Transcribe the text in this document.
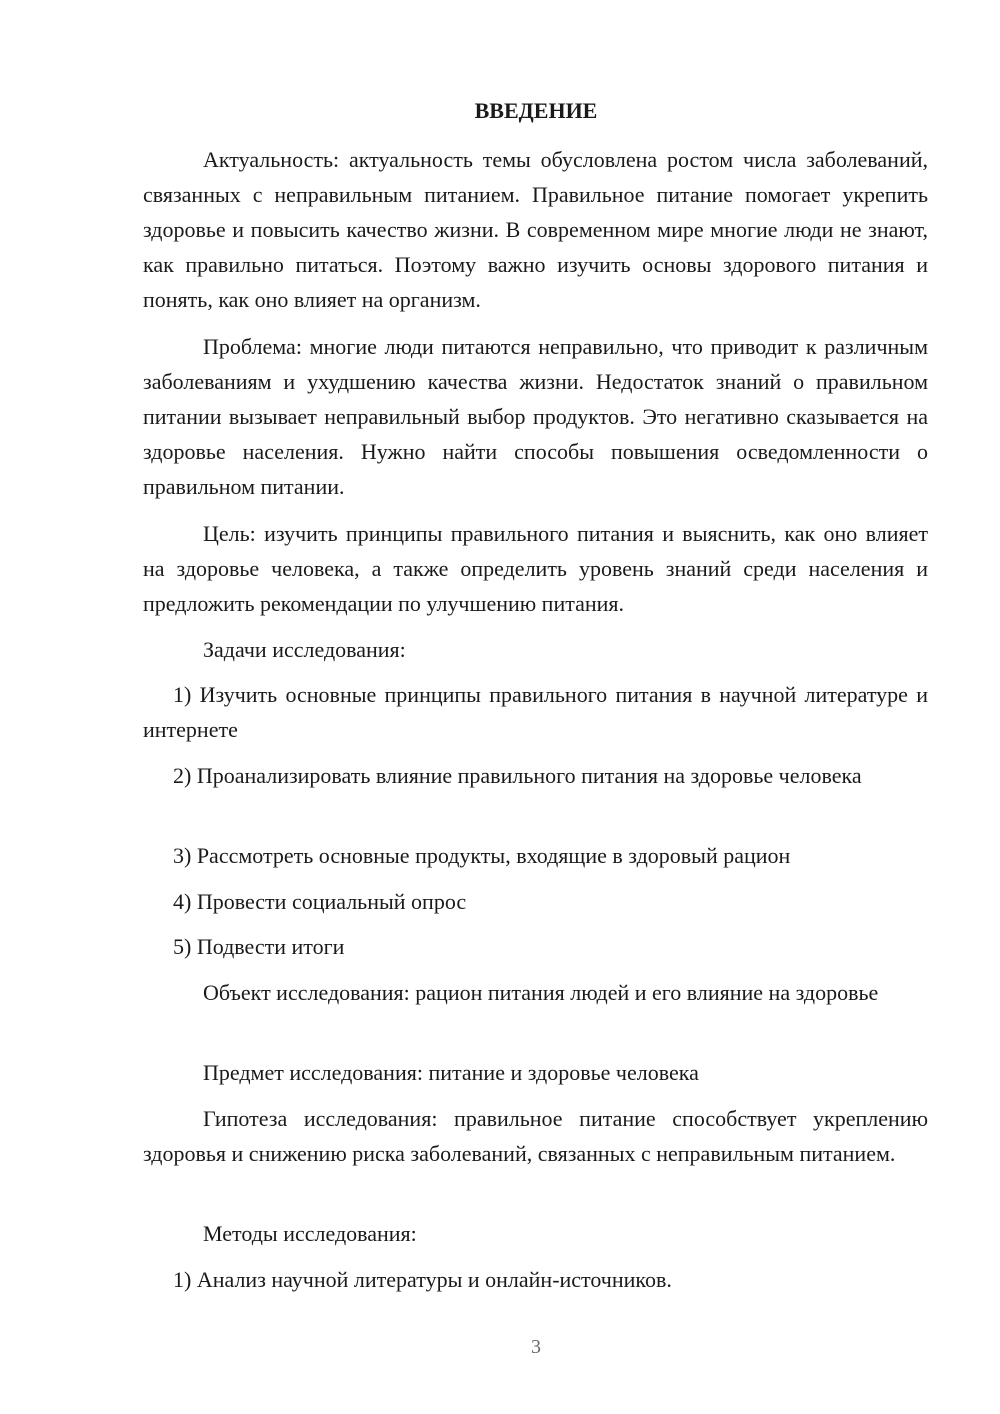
ВВЕДЕНИЕ
Актуальность: актуальность темы обусловлена ростом числа заболеваний, связанных с неправильным питанием. Правильное питание помогает укрепить здоровье и повысить качество жизни. В современном мире многие люди не знают, как правильно питаться. Поэтому важно изучить основы здорового питания и понять, как оно влияет на организм.
Проблема: многие люди питаются неправильно, что приводит к различным заболеваниям и ухудшению качества жизни. Недостаток знаний о правильном питании вызывает неправильный выбор продуктов. Это негативно сказывается на здоровье населения. Нужно найти способы повышения осведомленности о правильном питании.
Цель: изучить принципы правильного питания и выяснить, как оно влияет на здоровье человека, а также определить уровень знаний среди населения и предложить рекомендации по улучшению питания.
Задачи исследования:
1) Изучить основные принципы правильного питания в научной литературе и интернете
2) Проанализировать влияние правильного питания на здоровье человека
3) Рассмотреть основные продукты, входящие в здоровый рацион
4) Провести социальный опрос
5) Подвести итоги
Объект исследования: рацион питания людей и его влияние на здоровье
Предмет исследования: питание и здоровье человека
Гипотеза исследования: правильное питание способствует укреплению здоровья и снижению риска заболеваний, связанных с неправильным питанием.
Методы исследования:
1) Анализ научной литературы и онлайн-источников.
3
